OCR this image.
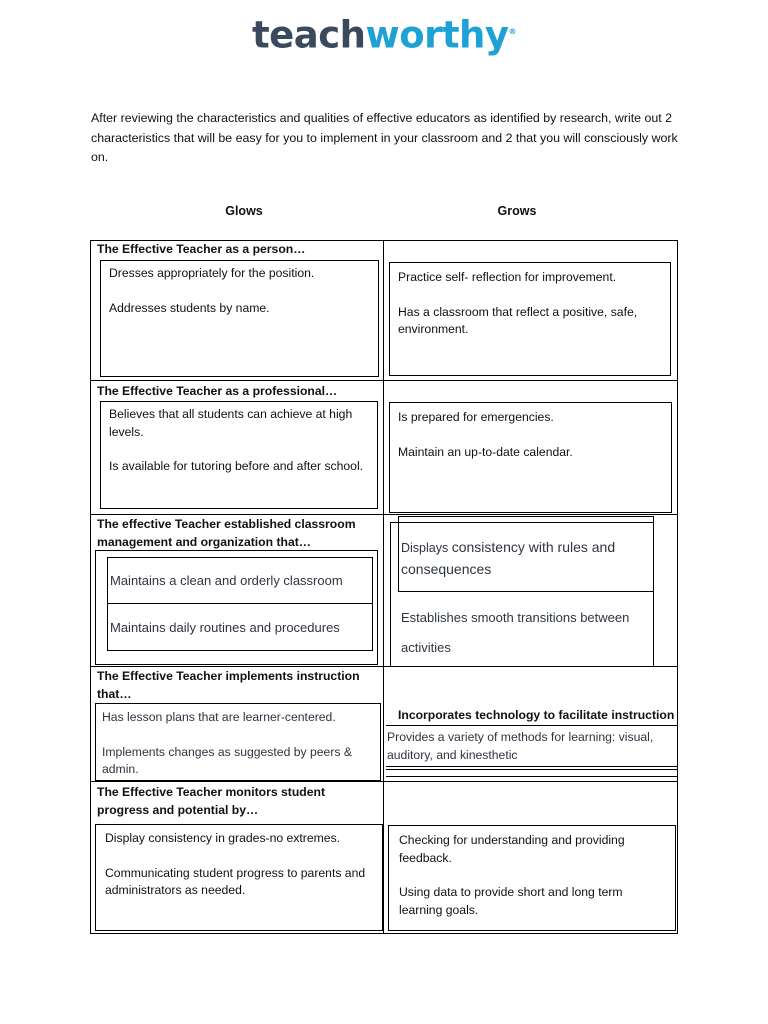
teachworthy®
After reviewing the characteristics and qualities of effective educators as identified by research, write out 2 characteristics that will be easy for you to implement in your classroom and 2 that you will consciously work on.
Glows	Grows
The Effective Teacher as a person…

Dresses appropriately for the position.

Addresses students by name.

Practice self- reflection for improvement.

Has a classroom that reflect a positive, safe, environment.

The Effective Teacher as a professional…

Believes that all students can achieve at high levels.

Is available for tutoring before and after school.

Is prepared for emergencies.

Maintain an up-to-date calendar.

The effective Teacher established classroom management and organization that…
Maintains a clean and orderly classroom
Maintains daily routines and procedures
Displays consistency with rules and consequences
Establishes smooth transitions between activities
The Effective Teacher implements instruction that…

Has lesson plans that are learner-centered.

Implements changes as suggested by peers & admin.

Incorporates technology to facilitate instruction
Provides a variety of methods for learning: visual, auditory, and kinesthetic
The Effective Teacher monitors student progress and potential by…

Display consistency in grades-no extremes.

Communicating student progress to parents and administrators as needed.

Checking for understanding and providing feedback.

Using data to provide short and long term learning goals.
